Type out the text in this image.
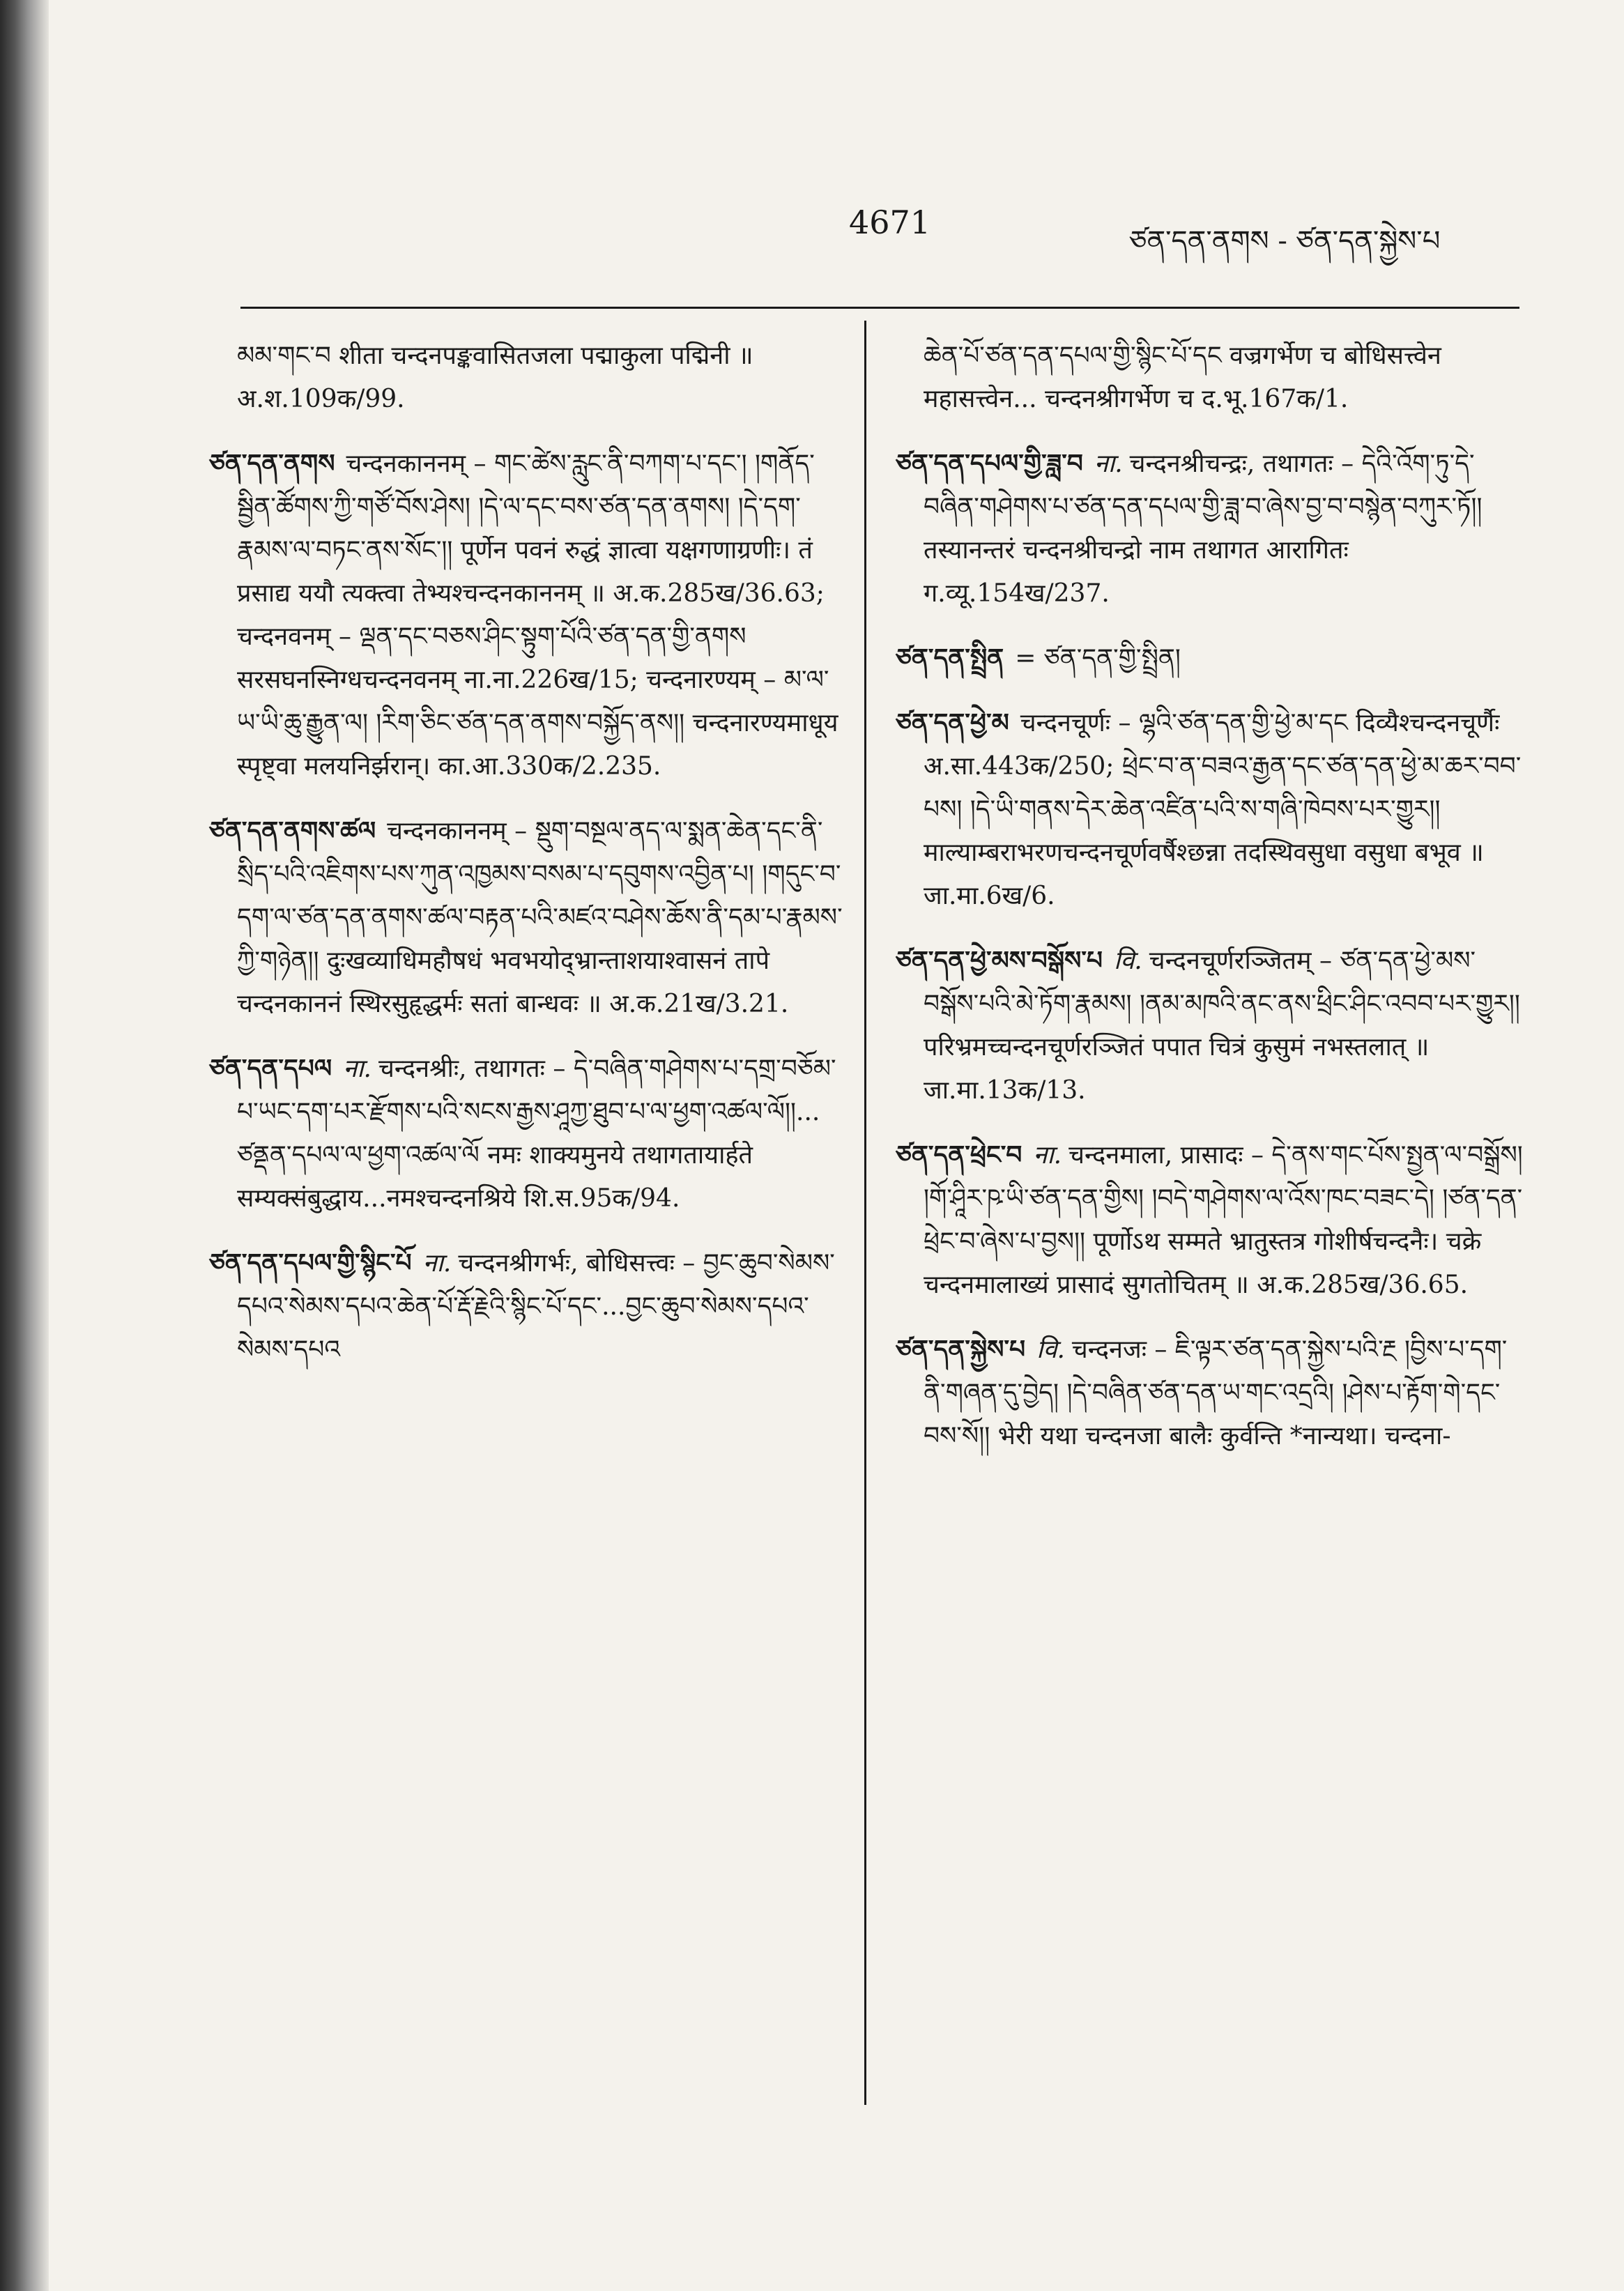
4671	ཙན་དན་ནགས - ཙན་དན་སྐྱེས་པ
མམ་གང་བ शीता चन्दनपङ्कवासितजला पद्माकुला पद्मिनी ॥ अ.श.109क/99.
ཙན་དན་ནགས चन्दनकाननम् – གང་ཚེས་རླུང་ནི་བཀག་པ་དང་། །གནོད་སྦྱིན་ཚོགས་ཀྱི་གཙོ་བོས་ཤེས། །དེ་ལ་དང་བས་ཙན་དན་ནགས། །དེ་དག་རྣམས་ལ་བཏང་ནས་སོང་།། पूर्णेन पवनं रुद्धं ज्ञात्वा यक्षगणाग्रणीः। तं प्रसाद्य ययौ त्यक्त्वा तेभ्यश्चन्दनकाननम् ॥ अ.क.285ख/36.63; चन्दनवनम् – ལྡན་དང་བཅས་ཤིང་སྟུག་པོའི་ཙན་དན་གྱི་ནགས सरसघनस्निग्धचन्दनवनम् ना.ना.226ख/15; चन्दनारण्यम् – མ་ལ་ཡ་ཡི་ཆུ་རྒྱུན་ལ། །རིག་ཅིང་ཙན་དན་ནགས་བསྐྱོད་ནས།། चन्दनारण्यमाधूय स्पृष्ट्वा मलयनिर्झरान्। का.आ.330क/2.235.
ཙན་དན་ནགས་ཚལ चन्दनकाननम् – སྡུག་བསྔལ་ནད་ལ་སྨན་ཆེན་དང་ནི་སྲིད་པའི་འཇིགས་པས་ཀུན་འཁྱམས་བསམ་པ་དབུགས་འབྱིན་པ། །གདུང་བ་དག་ལ་ཙན་དན་ནགས་ཚལ་བརྟན་པའི་མཛའ་བཤེས་ཆོས་ནི་དམ་པ་རྣམས་ཀྱི་གཉེན།། दुःखव्याधिमहौषधं भवभयोद्भ्रान्ताशयाश्वासनं तापे चन्दनकाननं स्थिरसुहृद्धर्मः सतां बान्धवः ॥ अ.क.21ख/3.21.
ཙན་དན་དཔལ ना. चन्दनश्रीः, तथागतः – དེ་བཞིན་གཤེགས་པ་དགྲ་བཅོམ་པ་ཡང་དག་པར་རྫོགས་པའི་སངས་རྒྱས་ཤཱཀྱ་ཐུབ་པ་ལ་ཕྱག་འཚལ་ལོ།།... ཙནྡན་དཔལ་ལ་ཕྱག་འཚལ་ལོ नमः शाक्यमुनये तथागतायार्हते सम्यक्संबुद्धाय...नमश्चन्दनश्रिये शि.स.95क/94.
ཙན་དན་དཔལ་གྱི་སྙིང་པོ ना. चन्दनश्रीगर्भः, बोधिसत्त्वः – བྱང་ཆུབ་སེམས་དཔའ་སེམས་དཔའ་ཆེན་པོ་རྡོ་རྗེའི་སྙིང་པོ་དང་...བྱང་ཆུབ་སེམས་དཔའ་སེམས་དཔའ
ཆེན་པོ་ཙན་དན་དཔལ་གྱི་སྙིང་པོ་དང वज्रगर्भेण च बोधिसत्त्वेन महासत्त्वेन... चन्दनश्रीगर्भेण च द.भू.167क/1.
ཙན་དན་དཔལ་གྱི་ཟླ་བ ना. चन्दनश्रीचन्द्रः, तथागतः – དེའི་འོག་ཏུ་དེ་བཞིན་གཤེགས་པ་ཙན་དན་དཔལ་གྱི་ཟླ་བ་ཞེས་བྱ་བ་བསྙེན་བཀུར་ཏོ།། तस्यानन्तरं चन्दनश्रीचन्द्रो नाम तथागत आरागितः ग.व्यू.154ख/237.
ཙན་དན་སྤྲིན = ཙན་དན་གྱི་སྤྲིན།
ཙན་དན་ཕྱེ་མ चन्दनचूर्णः – ལྷའི་ཙན་དན་གྱི་ཕྱེ་མ་དང दिव्यैश्चन्दनचूर्णैः अ.सा.443क/250; ཕྲེང་བ་ན་བཟའ་རྒྱན་དང་ཙན་དན་ཕྱེ་མ་ཆར་བབ་པས། །དེ་ཡི་གནས་དེར་ཆེན་འཛིན་པའི་ས་གཞི་ཁེབས་པར་གྱུར།། माल्याम्बराभरणचन्दनचूर्णवर्षैश्छन्ना तदस्थिवसुधा वसुधा बभूव ॥ जा.मा.6ख/6.
ཙན་དན་ཕྱེ་མས་བསྒོས་པ वि. चन्दनचूर्णरञ्जितम् – ཙན་དན་ཕྱེ་མས་བསྒོས་པའི་མེ་ཏོག་རྣམས། །ནམ་མཁའི་ནང་ནས་ཕྲིང་ཤིང་འབབ་པར་གྱུར།། परिभ्रमच्चन्दनचूर्णरञ्जितं पपात चित्रं कुसुमं नभस्तलात् ॥ जा.मा.13क/13.
ཙན་དན་ཕྲེང་བ ना. चन्दनमाला, प्रासादः – དེ་ནས་གང་པོས་སྤྱན་ལ་བསྒྲོས། །གོ་ཤཱིར་ཥ་ཡི་ཙན་དན་གྱིས། །བདེ་གཤེགས་ལ་འོས་ཁང་བཟང་དེ། །ཙན་དན་ཕྲེང་བ་ཞེས་པ་བྱས།། पूर्णोऽथ सम्मते भ्रातुस्तत्र गोशीर्षचन्दनैः। चक्रे चन्दनमालाख्यं प्रासादं सुगतोचितम् ॥ अ.क.285ख/36.65.
ཙན་དན་སྐྱེས་པ वि. चन्दनजः – ཇི་ལྟར་ཙན་དན་སྐྱེས་པའི་རྔ །བྱིས་པ་དག་ནི་གཞན་དུ་བྱེད། །དེ་བཞིན་ཙན་དན་ཡ་གང་འདྲའི། །ཤེས་པ་རྟོག་གེ་དང་བས་སོ།། भेरी यथा चन्दनजा बालैः कुर्वन्ति *नान्यथा। चन्दना-
